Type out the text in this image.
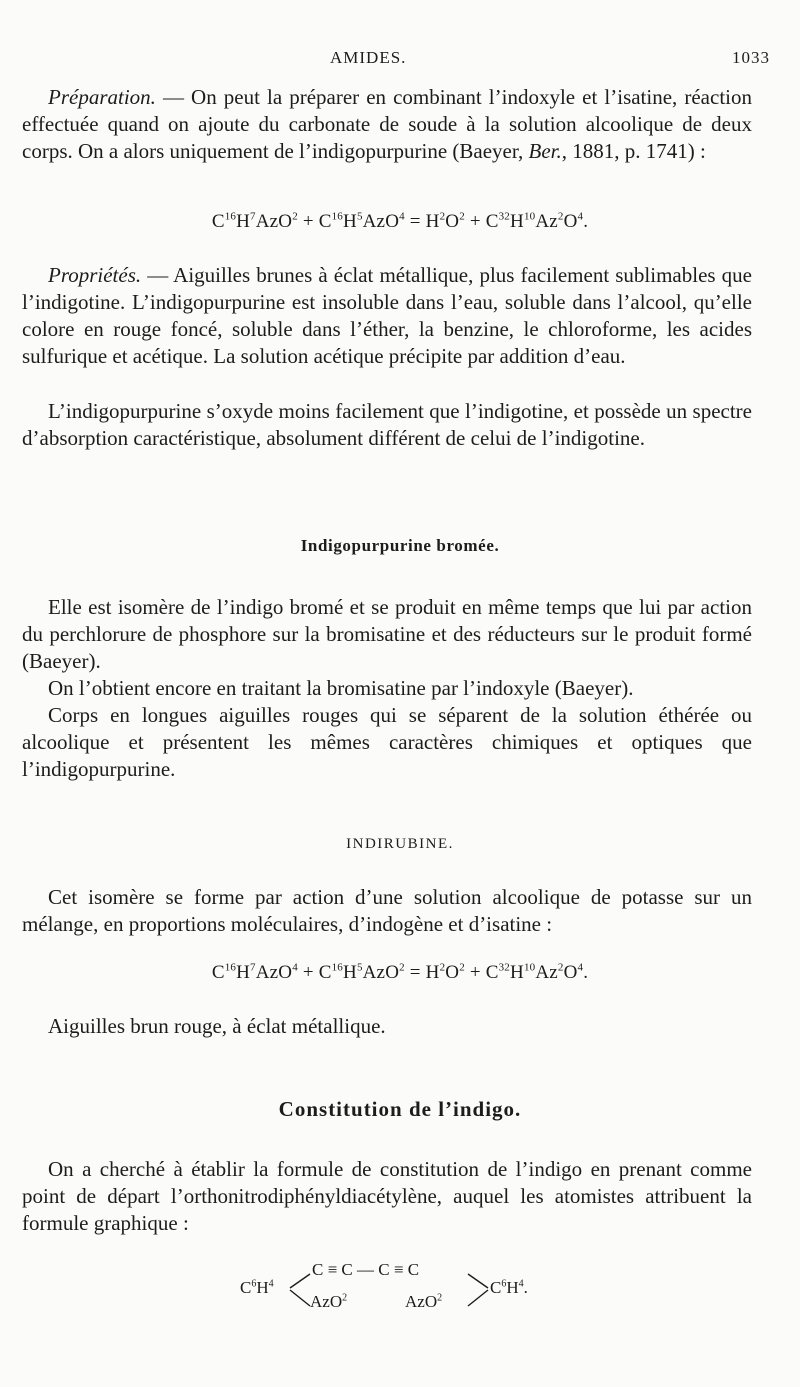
AMIDES.	1033
Préparation. — On peut la préparer en combinant l’indoxyle et l’isatine, réaction effectuée quand on ajoute du carbonate de soude à la solution alcoolique de deux corps. On a alors uniquement de l’indigopurpurine (Baeyer, Ber., 1881, p. 1741) :
$C^{16}H^7AzO^2 + C^{16}H^5AzO^4 = H^2O^2 + C^{32}H^{10}Az^2O^4$.
Propriétés. — Aiguilles brunes à éclat métallique, plus facilement sublimables que l’indigotine. L’indigopurpurine est insoluble dans l’eau, soluble dans l’alcool, qu’elle colore en rouge foncé, soluble dans l’éther, la benzine, le chloroforme, les acides sulfurique et acétique. La solution acétique précipite par addition d’eau.
L’indigopurpurine s’oxyde moins facilement que l’indigotine, et possède un spectre d’absorption caractéristique, absolument différent de celui de l’indigotine.
Indigopurpurine bromée.
Elle est isomère de l’indigo bromé et se produit en même temps que lui par action du perchlorure de phosphore sur la bromisatine et des réducteurs sur le produit formé (Baeyer).
On l’obtient encore en traitant la bromisatine par l’indoxyle (Baeyer).
Corps en longues aiguilles rouges qui se séparent de la solution éthérée ou alcoolique et présentent les mêmes caractères chimiques et optiques que l’indigopurpurine.
INDIRUBINE.
Cet isomère se forme par action d’une solution alcoolique de potasse sur un mélange, en proportions moléculaires, d’indogène et d’isatine :
$C^{16}H^7AzO^4 + C^{16}H^5AzO^2 = H^2O^2 + C^{32}H^{10}Az^2O^4$.
Aiguilles brun rouge, à éclat métallique.
Constitution de l’indigo.
On a cherché à établir la formule de constitution de l’indigo en prenant comme point de départ l’orthonitrodiphényldiacétylène, auquel les atomistes attribuent la formule graphique :
$C^6H^4$
C ≡ C — C ≡ C
AzO$^2$	AzO$^2$
$C^6H^4$.
